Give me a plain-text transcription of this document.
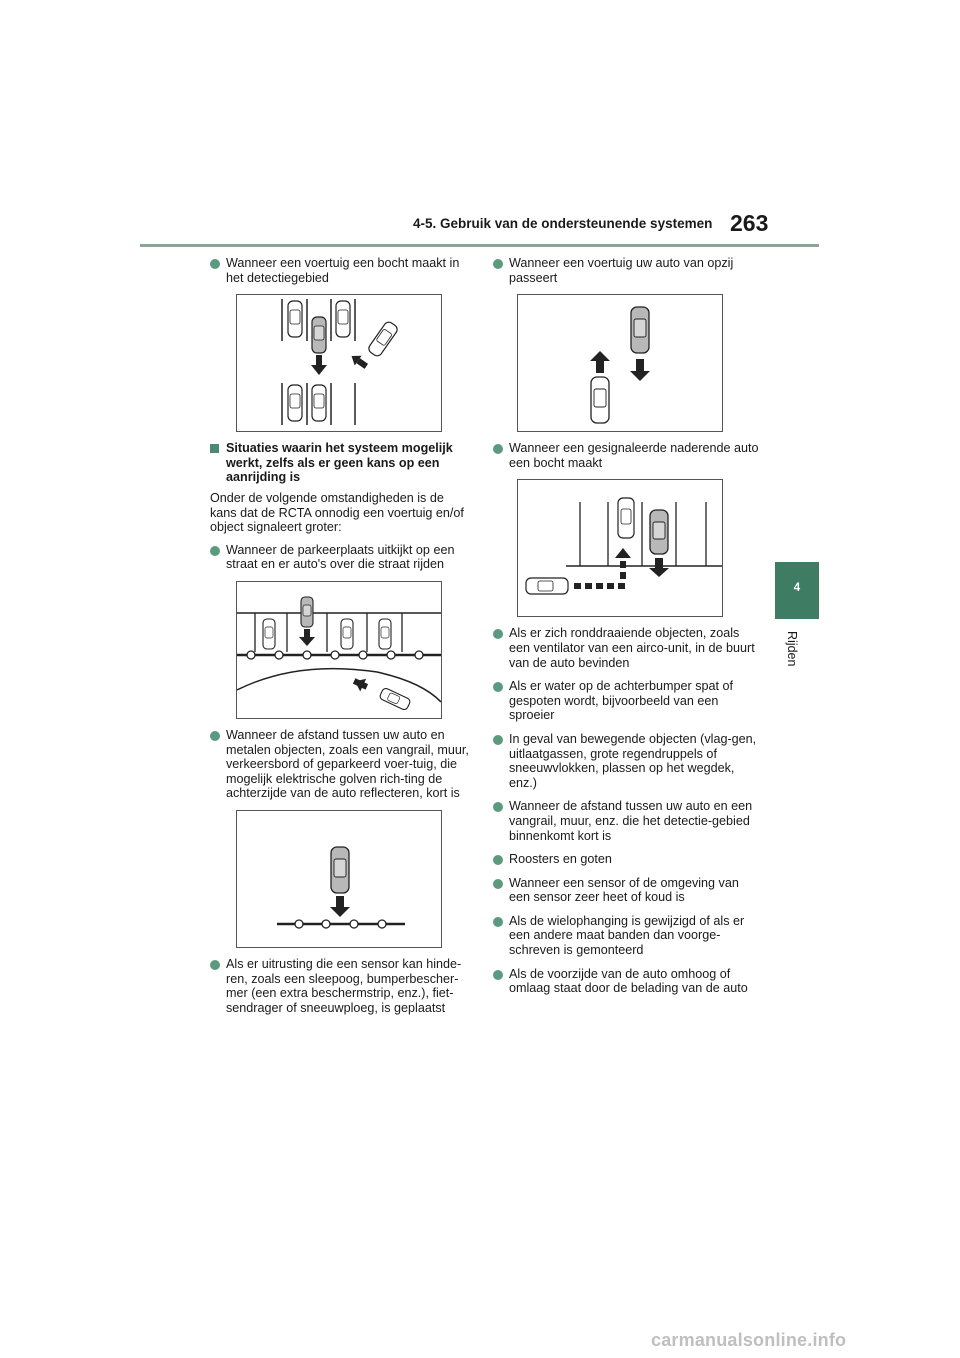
4-5. Gebruik van de ondersteunende systemen 263
4
Rijden
Wanneer een voertuig een bocht maakt in het detectiegebied
Situaties waarin het systeem mogelijk werkt, zelfs als er geen kans op een aanrijding is
Onder de volgende omstandigheden is de kans dat de RCTA onnodig een voertuig en/of object signaleert groter:
Wanneer de parkeerplaats uitkijkt op een straat en er auto's over die straat rijden
Wanneer de afstand tussen uw auto en metalen objecten, zoals een vangrail, muur, verkeersbord of geparkeerd voer-tuig, die mogelijk elektrische golven rich-ting de achterzijde van de auto reflecteren, kort is
Als er uitrusting die een sensor kan hinde-ren, zoals een sleepoog, bumperbescher-mer (een extra beschermstrip, enz.), fiet-sendrager of sneeuwploeg, is geplaatst
Wanneer een voertuig uw auto van opzij passeert
Wanneer een gesignaleerde naderende auto een bocht maakt
Als er zich ronddraaiende objecten, zoals een ventilator van een airco-unit, in de buurt van de auto bevinden
Als er water op de achterbumper spat of gespoten wordt, bijvoorbeeld van een sproeier
In geval van bewegende objecten (vlag-gen, uitlaatgassen, grote regendruppels of sneeuwvlokken, plassen op het wegdek, enz.)
Wanneer de afstand tussen uw auto en een vangrail, muur, enz. die het detectie-gebied binnenkomt kort is
Roosters en goten
Wanneer een sensor of de omgeving van een sensor zeer heet of koud is
Als de wielophanging is gewijzigd of als er een andere maat banden dan voorge-schreven is gemonteerd
Als de voorzijde van de auto omhoog of omlaag staat door de belading van de auto
carmanualsonline.info
